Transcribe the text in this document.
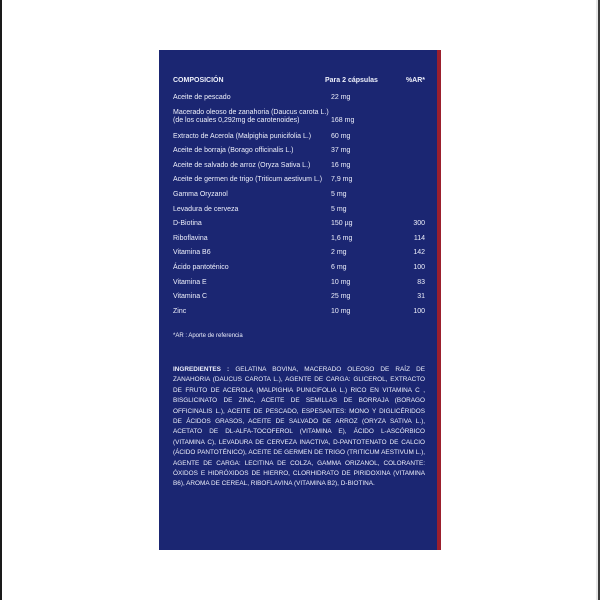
COMPOSICIÓN	Para 2 cápsulas	%AR*
Aceite de pescado	22 mg
Macerado oleoso de zanahoria (Daucus carota L.)
(de los cuales 0,292mg de carotenoides)	168 mg
Extracto de Acerola (Malpighia punicifolia L.)	60 mg
Aceite de borraja (Borago officinalis L.)	37 mg
Aceite de salvado de arroz (Oryza Sativa L.)	16 mg
Aceite de germen de trigo (Triticum aestivum L.) 7,9 mg
Gamma Oryzanol	5 mg
Levadura de cerveza	5 mg
D-Biotina	150 µg	300
Riboflavina	1,6 mg	114
Vitamina B6	2 mg	142
Ácido pantoténico	6 mg	100
Vitamina E	10 mg	83
Vitamina C	25 mg	31
Zinc	10 mg	100
*AR : Aporte de referencia
INGREDIENTES : GELATINA BOVINA, MACERADO OLEOSO DE RAÍZ DE ZANAHORIA (DAUCUS CAROTA L.), AGENTE DE CARGA: GLICEROL, EXTRACTO DE FRUTO DE ACEROLA (MALPIGHIA PUNICIFOLIA L.) RICO EN VITAMINA C , BISGLICINATO DE ZINC, ACEITE DE SEMILLAS DE BORRAJA (BORAGO OFFICINALIS L.), ACEITE DE PESCADO, ESPESANTES: MONO Y DIGLICÉRIDOS DE ÁCIDOS GRASOS, ACEITE DE SALVADO DE ARROZ (ORYZA SATIVA L.), ACETATO DE DL-ALFA-TOCOFEROL (VITAMINA E), ÁCIDO L-ASCÓRBICO (VITAMINA C), LEVADURA DE CERVEZA INACTIVA, D-PANTOTENATO DE CALCIO (ÁCIDO PANTOTÉNICO), ACEITE DE GERMEN DE TRIGO (TRITICUM AESTIVUM L.), AGENTE DE CARGA: LECITINA DE COLZA, GAMMA ORIZANOL, COLORANTE: ÓXIDOS E HIDRÓXIDOS DE HIERRO, CLORHIDRATO DE PIRIDOXINA (VITAMINA B6), AROMA DE CEREAL, RIBOFLAVINA (VITAMINA B2), D-BIOTINA.
